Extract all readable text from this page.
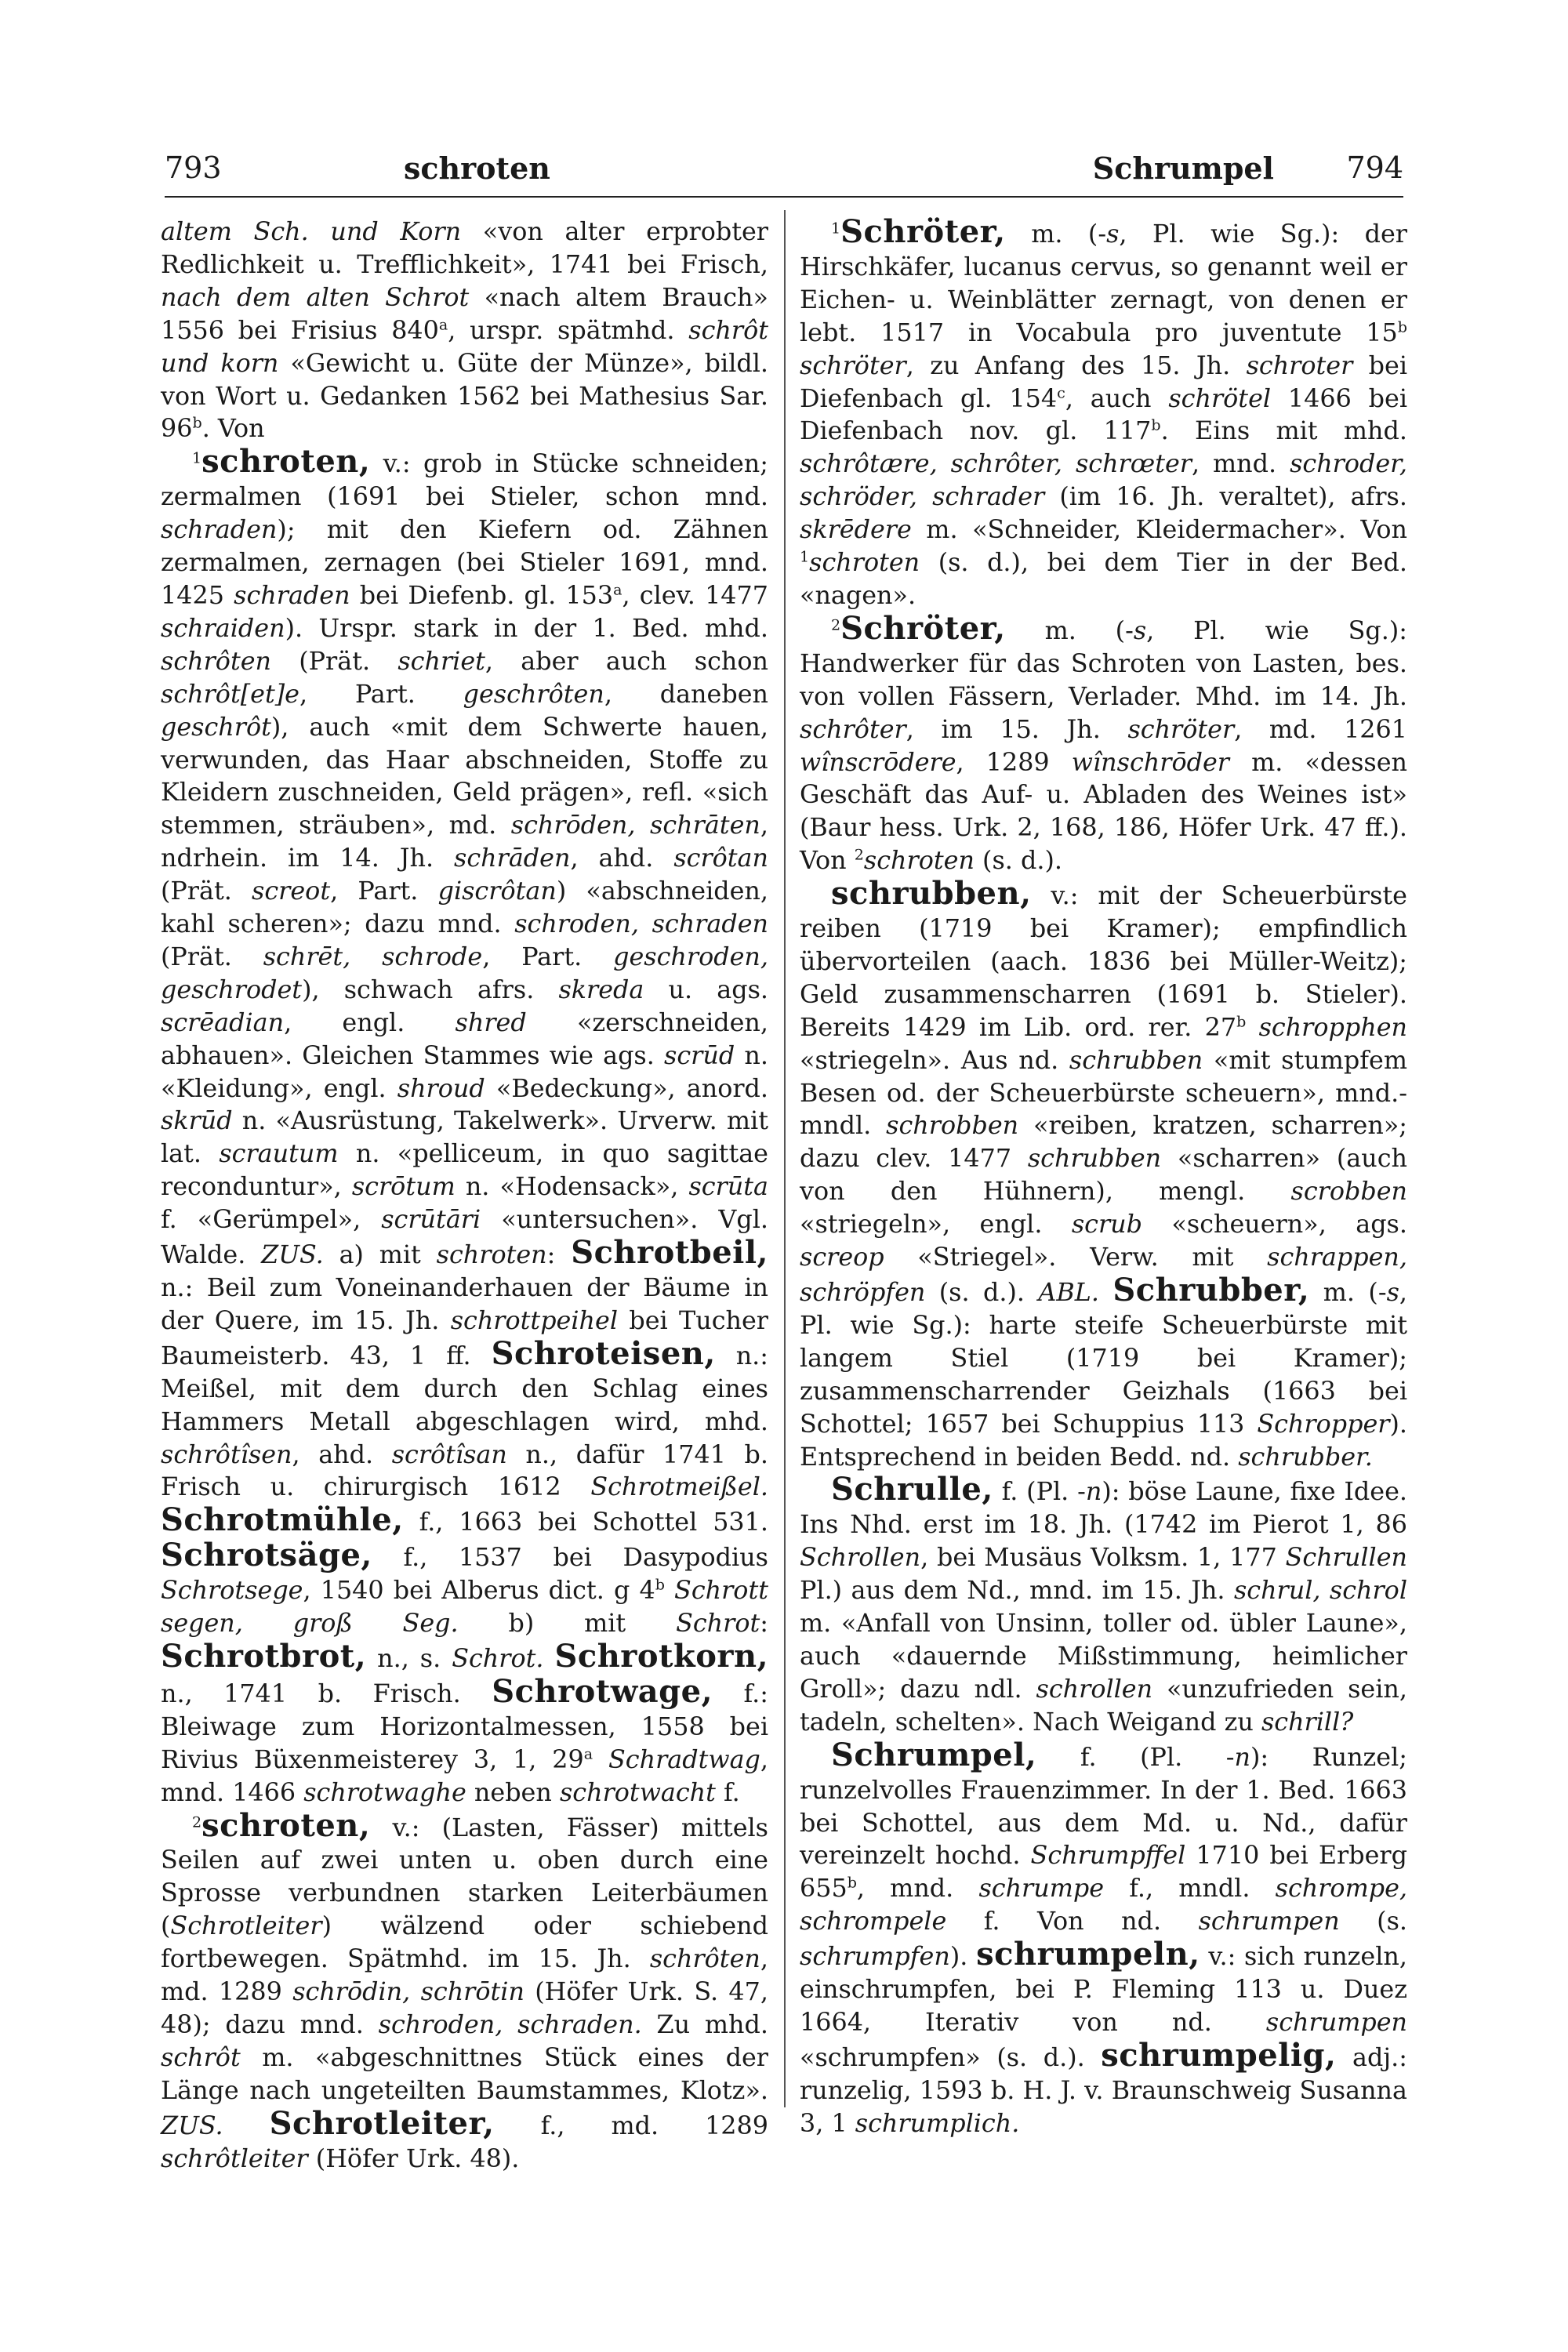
793	schroten	Schrumpel 794

altem Sch. und Korn «von alter erprobter Redlichkeit u. Trefflichkeit», 1741 bei Frisch, nach dem alten Schrot «nach altem Brauch» 1556 bei Frisius 840$^a$, urspr. spätmhd. schrôt und korn «Gewicht u. Güte der Münze», bildl. von Wort u. Gedanken 1562 bei Mathesius Sar. 96$^b$. Von

$^1$schroten, v.: grob in Stücke schneiden; zermalmen (1691 bei Stieler, schon mnd. schraden); mit den Kiefern od. Zähnen zermalmen, zernagen (bei Stieler 1691, mnd. 1425 schraden bei Diefenb. gl. 153$^a$, clev. 1477 schraiden). Urspr. stark in der 1. Bed. mhd. schrôten (Prät. schriet, aber auch schon schrôt[et]e, Part. geschrôten, daneben geschrôt), auch «mit dem Schwerte hauen, verwunden, das Haar abschneiden, Stoffe zu Kleidern zuschneiden, Geld prägen», refl. «sich stemmen, sträuben», md. schrōden, schrāten, ndrhein. im 14. Jh. schrāden, ahd. scrôtan (Prät. screot, Part. giscrôtan) «abschneiden, kahl scheren»; dazu mnd. schroden, schraden (Prät. schrēt, schrode, Part. geschroden, geschrodet), schwach afrs. skreda u. ags. scrēadian, engl. shred «zerschneiden, abhauen». Gleichen Stammes wie ags. scrūd n. «Kleidung», engl. shroud «Bedeckung», anord. skrūd n. «Ausrüstung, Takelwerk». Urverw. mit lat. scrautum n. «pelliceum, in quo sagittae reconduntur», scrōtum n. «Hodensack», scrūta f. «Gerümpel», scrūtāri «untersuchen». Vgl. Walde. ZUS. a) mit schroten: Schrotbeil, n.: Beil zum Voneinanderhauen der Bäume in der Quere, im 15. Jh. schrottpeihel bei Tucher Baumeisterb. 43, 1 ff. Schroteisen, n.: Meißel, mit dem durch den Schlag eines Hammers Metall abgeschlagen wird, mhd. schrôtîsen, ahd. scrôtîsan n., dafür 1741 b. Frisch u. chirurgisch 1612 Schrotmeißel. Schrotmühle, f., 1663 bei Schottel 531. Schrotsäge, f., 1537 bei Dasypodius Schrotsege, 1540 bei Alberus dict. g 4$^b$ Schrott segen, groß Seg. b) mit Schrot: Schrotbrot, n., s. Schrot. Schrotkorn, n., 1741 b. Frisch. Schrotwage, f.: Bleiwage zum Horizontalmessen, 1558 bei Rivius Büxenmeisterey 3, 1, 29$^a$ Schradtwag, mnd. 1466 schrotwaghe neben schrotwacht f.

$^2$schroten, v.: (Lasten, Fässer) mittels Seilen auf zwei unten u. oben durch eine Sprosse verbundnen starken Leiterbäumen (Schrotleiter) wälzend oder schiebend fortbewegen. Spätmhd. im 15. Jh. schrôten, md. 1289 schrōdin, schrōtin (Höfer Urk. S. 47, 48); dazu mnd. schroden, schraden. Zu mhd. schrôt m. «abgeschnittnes Stück eines der Länge nach ungeteilten Baumstammes, Klotz». ZUS. Schrotleiter, f., md. 1289 schrôtleiter (Höfer Urk. 48).

$^1$Schröter, m. (-s, Pl. wie Sg.): der Hirschkäfer, lucanus cervus, so genannt weil er Eichen- u. Weinblätter zernagt, von denen er lebt. 1517 in Vocabula pro juventute 15$^b$ schröter, zu Anfang des 15. Jh. schroter bei Diefenbach gl. 154$^c$, auch schrötel 1466 bei Diefenbach nov. gl. 117$^b$. Eins mit mhd. schrôtære, schrôter, schrœter, mnd. schroder, schröder, schrader (im 16. Jh. veraltet), afrs. skrēdere m. «Schneider, Kleidermacher». Von $^1$schroten (s. d.), bei dem Tier in der Bed. «nagen».

$^2$Schröter, m. (-s, Pl. wie Sg.): Handwerker für das Schroten von Lasten, bes. von vollen Fässern, Verlader. Mhd. im 14. Jh. schrôter, im 15. Jh. schröter, md. 1261 wînscrōdere, 1289 wînschrōder m. «dessen Geschäft das Auf- u. Abladen des Weines ist» (Baur hess. Urk. 2, 168, 186, Höfer Urk. 47 ff.). Von $^2$schroten (s. d.).

schrubben, v.: mit der Scheuerbürste reiben (1719 bei Kramer); empfindlich übervorteilen (aach. 1836 bei Müller-Weitz); Geld zusammenscharren (1691 b. Stieler). Bereits 1429 im Lib. ord. rer. 27$^b$ schropphen «striegeln». Aus nd. schrubben «mit stumpfem Besen od. der Scheuerbürste scheuern», mnd.-mndl. schrobben «reiben, kratzen, scharren»; dazu clev. 1477 schrubben «scharren» (auch von den Hühnern), mengl. scrobben «striegeln», engl. scrub «scheuern», ags. screop «Striegel». Verw. mit schrappen, schröpfen (s. d.). ABL. Schrubber, m. (-s, Pl. wie Sg.): harte steife Scheuerbürste mit langem Stiel (1719 bei Kramer); zusammenscharrender Geizhals (1663 bei Schottel; 1657 bei Schuppius 113 Schropper). Entsprechend in beiden Bedd. nd. schrubber.

Schrulle, f. (Pl. -n): böse Laune, fixe Idee. Ins Nhd. erst im 18. Jh. (1742 im Pierot 1, 86 Schrollen, bei Musäus Volksm. 1, 177 Schrullen Pl.) aus dem Nd., mnd. im 15. Jh. schrul, schrol m. «Anfall von Unsinn, toller od. übler Laune», auch «dauernde Mißstimmung, heimlicher Groll»; dazu ndl. schrollen «unzufrieden sein, tadeln, schelten». Nach Weigand zu schrill?

Schrumpel, f. (Pl. -n): Runzel; runzelvolles Frauenzimmer. In der 1. Bed. 1663 bei Schottel, aus dem Md. u. Nd., dafür vereinzelt hochd. Schrumpffel 1710 bei Erberg 655$^b$, mnd. schrumpe f., mndl. schrompe, schrompele f. Von nd. schrumpen (s. schrumpfen). schrumpeln, v.: sich runzeln, einschrumpfen, bei P. Fleming 113 u. Duez 1664, Iterativ von nd. schrumpen «schrumpfen» (s. d.). schrumpelig, adj.: runzelig, 1593 b. H. J. v. Braunschweig Susanna 3, 1 schrumplich.
